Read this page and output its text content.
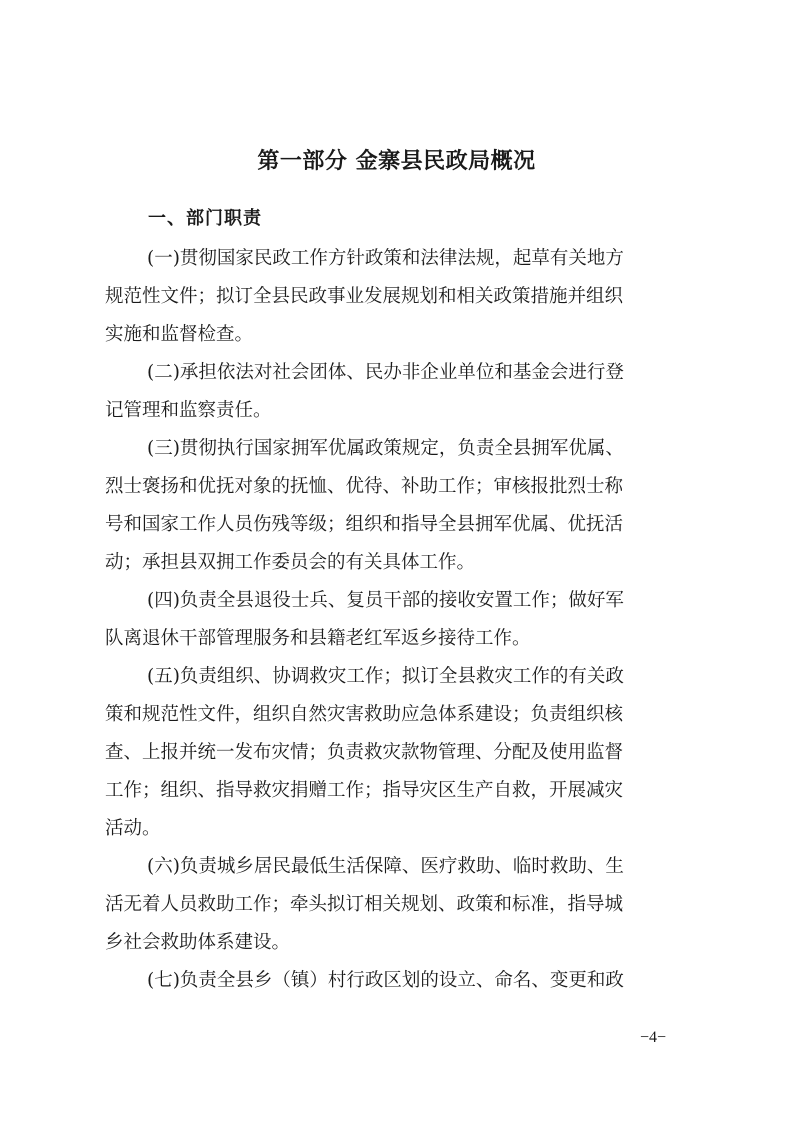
第一部分 金寨县民政局概况
一、部门职责

(一)贯彻国家民政工作方针政策和法律法规，起草有关地方
规范性文件；拟订全县民政事业发展规划和相关政策措施并组织
实施和监督检查。

(二)承担依法对社会团体、民办非企业单位和基金会进行登
记管理和监察责任。

(三)贯彻执行国家拥军优属政策规定，负责全县拥军优属、
烈士褒扬和优抚对象的抚恤、优待、补助工作；审核报批烈士称
号和国家工作人员伤残等级；组织和指导全县拥军优属、优抚活
动；承担县双拥工作委员会的有关具体工作。

(四)负责全县退役士兵、复员干部的接收安置工作；做好军
队离退休干部管理服务和县籍老红军返乡接待工作。

(五)负责组织、协调救灾工作；拟订全县救灾工作的有关政
策和规范性文件，组织自然灾害救助应急体系建设；负责组织核
查、上报并统一发布灾情；负责救灾款物管理、分配及使用监督
工作；组织、指导救灾捐赠工作；指导灾区生产自救，开展减灾
活动。

(六)负责城乡居民最低生活保障、医疗救助、临时救助、生
活无着人员救助工作；牵头拟订相关规划、政策和标准，指导城
乡社会救助体系建设。

(七)负责全县乡（镇）村行政区划的设立、命名、变更和政

−4−
